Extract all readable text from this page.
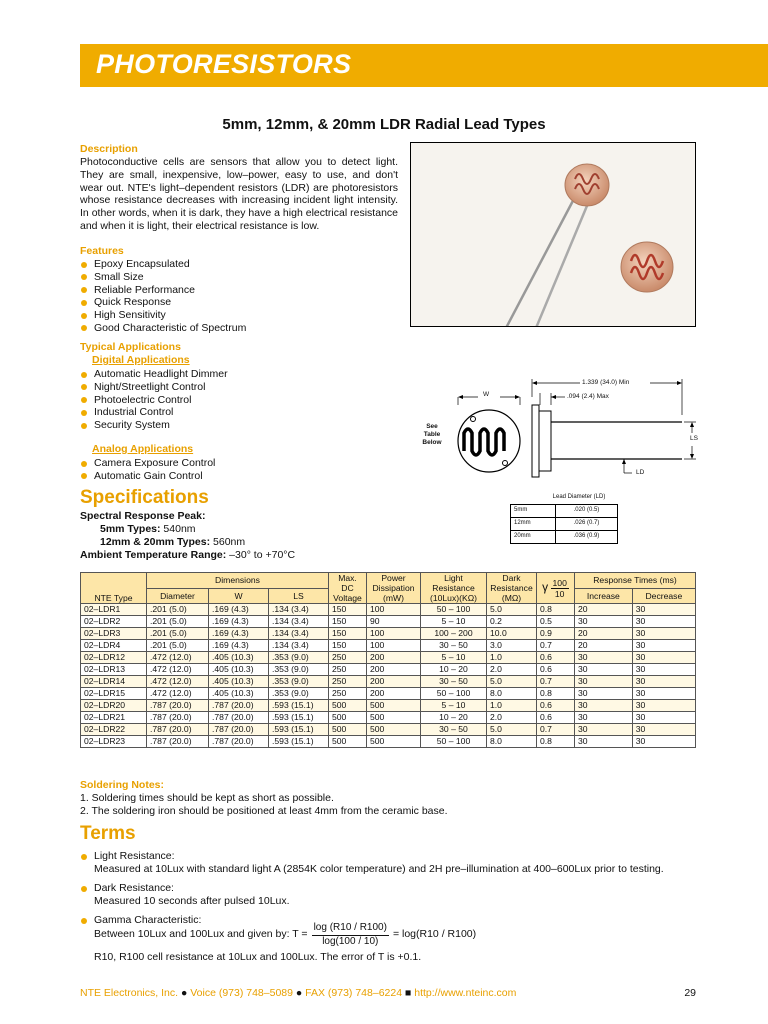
PHOTORESISTORS
5mm, 12mm, & 20mm LDR Radial Lead Types
Description
Photoconductive cells are sensors that allow you to detect light. They are small, inexpensive, low–power, easy to use, and don't wear out. NTE's light–dependent resistors (LDR) are photoresistors whose resistance decreases with increasing incident light intensity. In other words, when it is dark, they have a high electrical resistance and when it is light, their electrical resistance is low.
Features
Epoxy Encapsulated
Small Size
Reliable Performance
Quick Response
High Sensitivity
Good Characteristic of Spectrum
Typical Applications
Digital Applications
Automatic Headlight Dimmer
Night/Streetlight Control
Photoelectric Control
Industrial Control
Security System
Analog Applications
Camera Exposure Control
Automatic Gain Control
W
See
Table
Below
1.339 (34.0) Min
.094 (2.4) Max
LS
LD
Lead Diameter (LD)
5mm	.020 (0.5)
12mm	.026 (0.7)
20mm	.036 (0.9)
Specifications
Spectral Response Peak:
5mm Types: 540nm
12mm & 20mm Types: 560nm
Ambient Temperature Range: –30° to +70°C
NTE Type	Dimensions			Max.
DC
Voltage	Power
Dissipation
(mW)	Light
Resistance
(10Lux)(KΩ)	Dark
Resistance
(MΩ)	γ $\frac{100}{10}$	Response Times (ms)	
	Diameter	W	LS						Increase	Decrease
02–LDR1	.201 (5.0)	.169 (4.3)	.134 (3.4)	150	100	50 – 100	5.0	0.8	20	30
02–LDR2	.201 (5.0)	.169 (4.3)	.134 (3.4)	150	90	5 – 10	0.2	0.5	30	30
02–LDR3	.201 (5.0)	.169 (4.3)	.134 (3.4)	150	100	100 – 200	10.0	0.9	20	30
02–LDR4	.201 (5.0)	.169 (4.3)	.134 (3.4)	150	100	30 – 50	3.0	0.7	20	30
02–LDR12	.472 (12.0)	.405 (10.3)	.353 (9.0)	250	200	5 – 10	1.0	0.6	30	30
02–LDR13	.472 (12.0)	.405 (10.3)	.353 (9.0)	250	200	10 – 20	2.0	0.6	30	30
02–LDR14	.472 (12.0)	.405 (10.3)	.353 (9.0)	250	200	30 – 50	5.0	0.7	30	30
02–LDR15	.472 (12.0)	.405 (10.3)	.353 (9.0)	250	200	50 – 100	8.0	0.8	30	30
02–LDR20	.787 (20.0)	.787 (20.0)	.593 (15.1)	500	500	5 – 10	1.0	0.6	30	30
02–LDR21	.787 (20.0)	.787 (20.0)	.593 (15.1)	500	500	10 – 20	2.0	0.6	30	30
02–LDR22	.787 (20.0)	.787 (20.0)	.593 (15.1)	500	500	30 – 50	5.0	0.7	30	30
02–LDR23	.787 (20.0)	.787 (20.0)	.593 (15.1)	500	500	50 – 100	8.0	0.8	30	30
Soldering Notes:
1. Soldering times should be kept as short as possible.
2. The soldering iron should be positioned at least 4mm from the ceramic base.
Terms
Light Resistance:
Measured at 10Lux with standard light A (2854K color temperature) and 2H pre–illumination at 400–600Lux prior to testing.
Dark Resistance:
Measured 10 seconds after pulsed 10Lux.
Gamma Characteristic:
Between 10Lux and 100Lux and given by: $T = \frac{\log (R10 / R100)}{\log(100 / 10)} = \log(R10 / R100)$
R10, R100 cell resistance at 10Lux and 100Lux. The error of T is +0.1.
NTE Electronics, Inc. ● Voice (973) 748–5089 ● FAX (973) 748–6224 ■ http://www.nteinc.com	29
